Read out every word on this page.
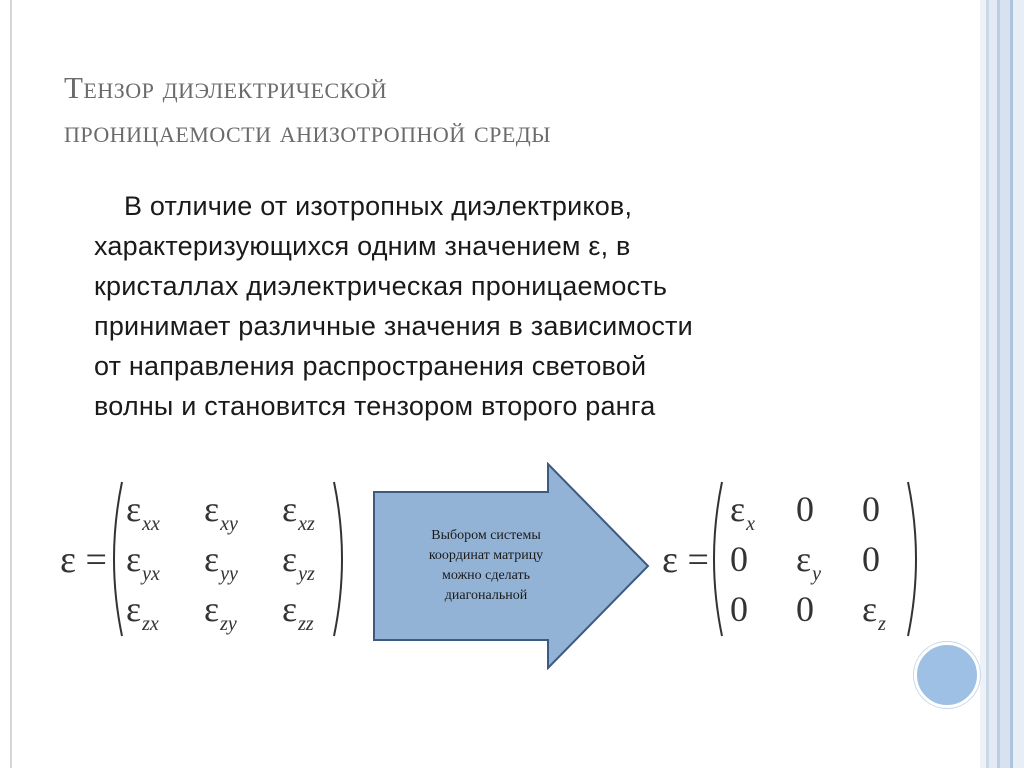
Тензор диэлектрической
проницаемости анизотропной среды
В отличие от изотропных диэлектриков,
характеризующихся одним значением ε, в
кристаллах диэлектрическая проницаемость
принимает различные значения в зависимости
от направления распространения световой
волны и становится тензором второго ранга
ε =
$\varepsilon_{xx}$ $\varepsilon_{xy}$ $\varepsilon_{xz}$
$\varepsilon_{yx}$ $\varepsilon_{yy}$ $\varepsilon_{yz}$
$\varepsilon_{zx}$ $\varepsilon_{zy}$ $\varepsilon_{zz}$
Выбором системы
координат матрицу
можно сделать
диагональной
ε =
$\varepsilon_x$ 0 0
0 $\varepsilon_y$ 0
0 0 $\varepsilon_z$
